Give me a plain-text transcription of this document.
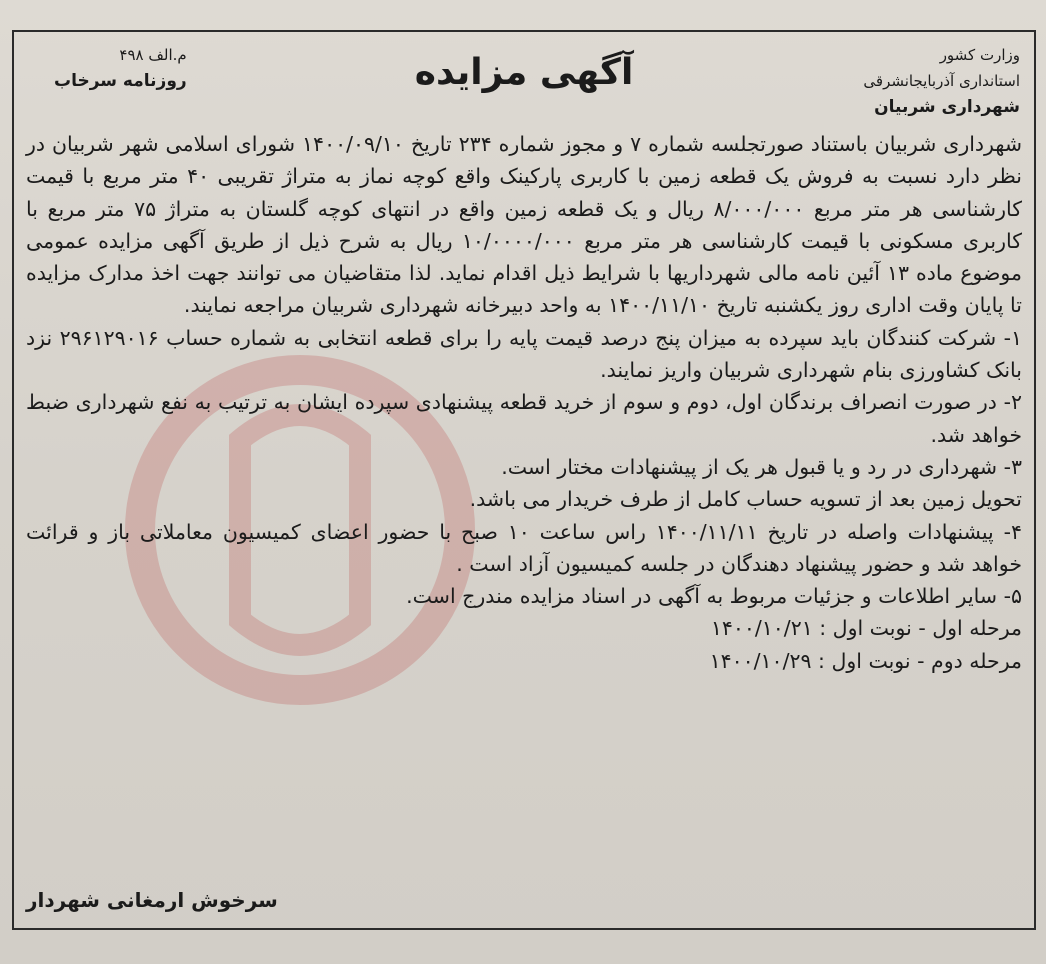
وزارت کشور
استانداری آذربایجانشرقی
شهرداری شربیان
آگهی مزایده
م.الف ۴۹۸
روزنامه سرخاب

شهرداری شربیان باستناد صورتجلسه شماره ۷ و مجوز شماره ۲۳۴ تاریخ ۱۴۰۰/۰۹/۱۰ شورای اسلامی شهر شربیان در نظر دارد نسبت به فروش یک قطعه زمین با کاربری پارکینک واقع کوچه نماز به متراژ تقریبی ۴۰ متر مربع با قیمت کارشناسی هر متر مربع ۸/۰۰۰/۰۰۰ ریال و یک قطعه زمین واقع در انتهای کوچه گلستان به متراژ ۷۵ متر مربع با کاربری مسکونی با قیمت کارشناسی هر متر مربع ۱۰/۰۰۰۰/۰۰۰ ریال به شرح ذیل از طریق آگهی مزایده عمومی موضوع ماده ۱۳ آئین نامه مالی شهرداریها با شرایط ذیل اقدام نماید. لذا متقاضیان می توانند جهت اخذ مدارک مزایده تا پایان وقت اداری روز یکشنبه تاریخ ۱۴۰۰/۱۱/۱۰ به واحد دبیرخانه شهرداری شربیان مراجعه نمایند.

۱- شرکت کنندگان باید سپرده به میزان پنج درصد قیمت پایه را برای قطعه انتخابی به شماره حساب ۲۹۶۱۲۹۰۱۶ نزد بانک کشاورزی بنام شهرداری شربیان واریز نمایند.

۲- در صورت انصراف برندگان اول، دوم و سوم از خرید قطعه پیشنهادی سپرده ایشان به ترتیب به نفع شهرداری ضبط خواهد شد.

۳- شهرداری در رد و یا قبول هر یک از پیشنهادات مختار است.

تحویل زمین بعد از تسویه حساب کامل از طرف خریدار می باشد.

۴- پیشنهادات واصله در تاریخ ۱۴۰۰/۱۱/۱۱ راس ساعت ۱۰ صبح با حضور اعضای کمیسیون معاملاتی باز و قرائت خواهد شد و حضور پیشنهاد دهندگان در جلسه کمیسیون آزاد است .

۵- سایر اطلاعات و جزئیات مربوط به آگهی در اسناد مزایده مندرج است.

مرحله اول - نوبت اول : ۱۴۰۰/۱۰/۲۱

مرحله دوم - نوبت اول : ۱۴۰۰/۱۰/۲۹

سرخوش ارمغانی شهردار
